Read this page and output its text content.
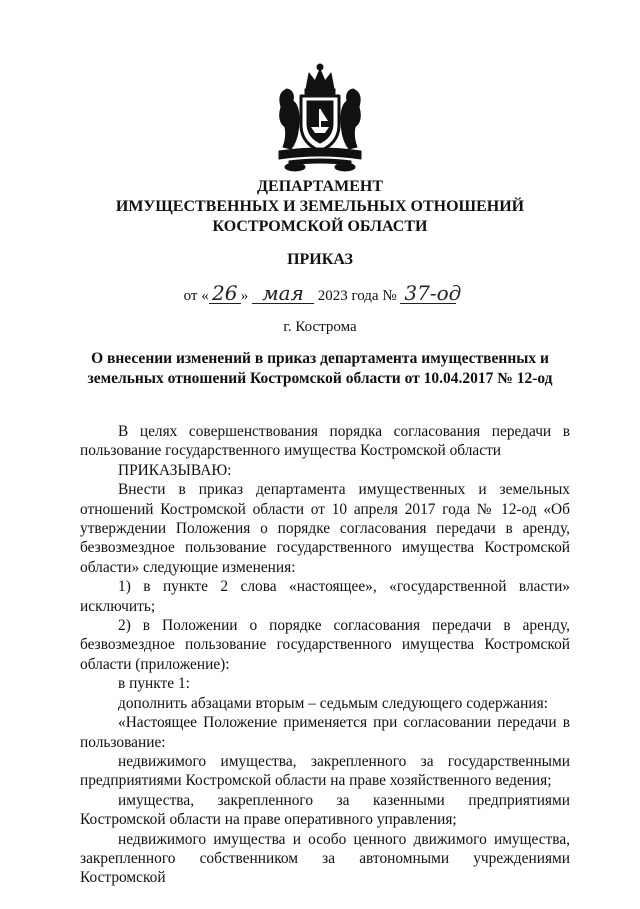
ДЕПАРТАМЕНТ
ИМУЩЕСТВЕННЫХ И ЗЕМЕЛЬНЫХ ОТНОШЕНИЙ
КОСТРОМСКОЙ ОБЛАСТИ
ПРИКАЗ
от « 26 » мая 2023 года № 37-од
г. Кострома
О внесении изменений в приказ департамента имущественных и
земельных отношений Костромской области от 10.04.2017 № 12-од

В целях совершенствования порядка согласования передачи в пользование государственного имущества Костромской области

ПРИКАЗЫВАЮ:

Внести в приказ департамента имущественных и земельных отношений Костромской области от 10 апреля 2017 года № 12-од «Об утверждении Положения о порядке согласования передачи в аренду, безвозмездное пользование государственного имущества Костромской области» следующие изменения:

1) в пункте 2 слова «настоящее», «государственной власти» исключить;

2) в Положении о порядке согласования передачи в аренду, безвозмездное пользование государственного имущества Костромской области (приложение):

в пункте 1:

дополнить абзацами вторым – седьмым следующего содержания:

«Настоящее Положение применяется при согласовании передачи в пользование:

недвижимого имущества, закрепленного за государственными предприятиями Костромской области на праве хозяйственного ведения;

имущества, закрепленного за казенными предприятиями Костромской области на праве оперативного управления;

недвижимого имущества и особо ценного движимого имущества, закрепленного собственником за автономными учреждениями Костромской
